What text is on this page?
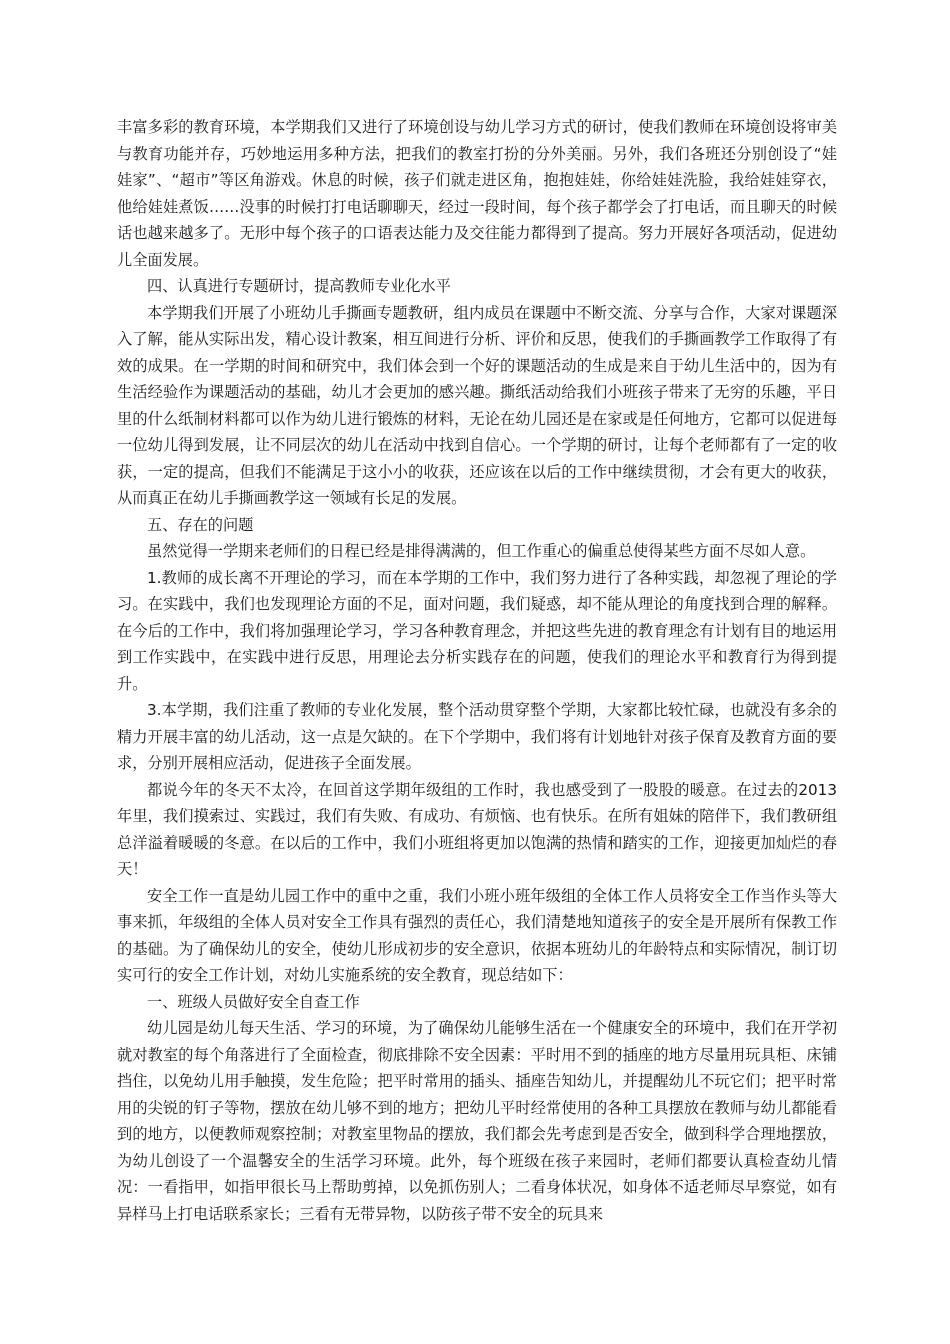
丰富多彩的教育环境，本学期我们又进行了环境创设与幼儿学习方式的研讨，使我们教师在环境创设将审美与教育功能并存，巧妙地运用多种方法，把我们的教室打扮的分外美丽。另外，我们各班还分别创设了“娃娃家”、“超市”等区角游戏。休息的时候，孩子们就走进区角，抱抱娃娃，你给娃娃洗脸，我给娃娃穿衣，他给娃娃煮饭……没事的时候打打电话聊聊天，经过一段时间，每个孩子都学会了打电话，而且聊天的时候话也越来越多了。无形中每个孩子的口语表达能力及交往能力都得到了提高。努力开展好各项活动，促进幼儿全面发展。

四、认真进行专题研讨，提高教师专业化水平

本学期我们开展了小班幼儿手撕画专题教研，组内成员在课题中不断交流、分享与合作，大家对课题深入了解，能从实际出发，精心设计教案，相互间进行分析、评价和反思，使我们的手撕画教学工作取得了有效的成果。在一学期的时间和研究中，我们体会到一个好的课题活动的生成是来自于幼儿生活中的，因为有生活经验作为课题活动的基础，幼儿才会更加的感兴趣。撕纸活动给我们小班孩子带来了无穷的乐趣，平日里的什么纸制材料都可以作为幼儿进行锻炼的材料，无论在幼儿园还是在家或是任何地方，它都可以促进每一位幼儿得到发展，让不同层次的幼儿在活动中找到自信心。一个学期的研讨，让每个老师都有了一定的收获，一定的提高，但我们不能满足于这小小的收获，还应该在以后的工作中继续贯彻，才会有更大的收获，从而真正在幼儿手撕画教学这一领域有长足的发展。

五、存在的问题

虽然觉得一学期来老师们的日程已经是排得满满的，但工作重心的偏重总使得某些方面不尽如人意。

1.教师的成长离不开理论的学习，而在本学期的工作中，我们努力进行了各种实践，却忽视了理论的学习。在实践中，我们也发现理论方面的不足，面对问题，我们疑惑，却不能从理论的角度找到合理的解释。在今后的工作中，我们将加强理论学习，学习各种教育理念，并把这些先进的教育理念有计划有目的地运用到工作实践中，在实践中进行反思，用理论去分析实践存在的问题，使我们的理论水平和教育行为得到提升。

3.本学期，我们注重了教师的专业化发展，整个活动贯穿整个学期，大家都比较忙碌，也就没有多余的精力开展丰富的幼儿活动，这一点是欠缺的。在下个学期中，我们将有计划地针对孩子保育及教育方面的要求，分别开展相应活动，促进孩子全面发展。

都说今年的冬天不太冷，在回首这学期年级组的工作时，我也感受到了一股股的暖意。在过去的2013年里，我们摸索过、实践过，我们有失败、有成功、有烦恼、也有快乐。在所有姐妹的陪伴下，我们教研组总洋溢着暖暖的冬意。在以后的工作中，我们小班组将更加以饱满的热情和踏实的工作，迎接更加灿烂的春天！

安全工作一直是幼儿园工作中的重中之重，我们小班小班年级组的全体工作人员将安全工作当作头等大事来抓，年级组的全体人员对安全工作具有强烈的责任心，我们清楚地知道孩子的安全是开展所有保教工作的基础。为了确保幼儿的安全，使幼儿形成初步的安全意识，依据本班幼儿的年龄特点和实际情况，制订切实可行的安全工作计划，对幼儿实施系统的安全教育，现总结如下：

一、班级人员做好安全自查工作

幼儿园是幼儿每天生活、学习的环境，为了确保幼儿能够生活在一个健康安全的环境中，我们在开学初就对教室的每个角落进行了全面检查，彻底排除不安全因素：平时用不到的插座的地方尽量用玩具柜、床铺挡住，以免幼儿用手触摸，发生危险；把平时常用的插头、插座告知幼儿，并提醒幼儿不玩它们；把平时常用的尖锐的钉子等物，摆放在幼儿够不到的地方；把幼儿平时经常使用的各种工具摆放在教师与幼儿都能看到的地方，以便教师观察控制；对教室里物品的摆放，我们都会先考虑到是否安全，做到科学合理地摆放，为幼儿创设了一个温馨安全的生活学习环境。此外，每个班级在孩子来园时，老师们都要认真检查幼儿情况：一看指甲，如指甲很长马上帮助剪掉，以免抓伤别人；二看身体状况，如身体不适老师尽早察觉，如有异样马上打电话联系家长；三看有无带异物，以防孩子带不安全的玩具来
